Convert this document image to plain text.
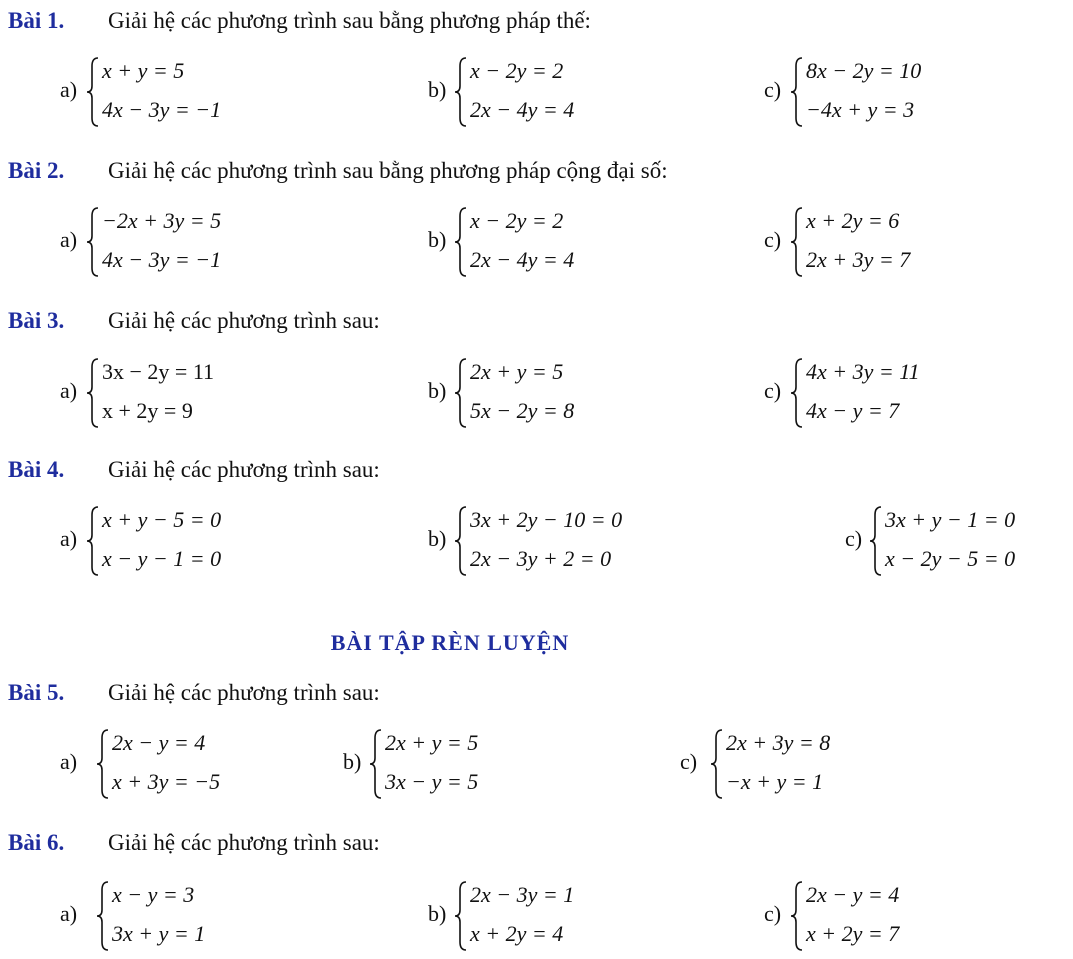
Bài 1. Giải hệ các phương trình sau bằng phương pháp thế:
a)
x + y = 5
4x − 3y = −1
b)
x − 2y = 2
2x − 4y = 4
c)
8x − 2y = 10
−4x + y = 3
Bài 2. Giải hệ các phương trình sau bằng phương pháp cộng đại số:
a)
−2x + 3y = 5
4x − 3y = −1
b)
x − 2y = 2
2x − 4y = 4
c)
x + 2y = 6
2x + 3y = 7
Bài 3. Giải hệ các phương trình sau:
a)
3x − 2y = 11
x + 2y = 9
b)
2x + y = 5
5x − 2y = 8
c)
4x + 3y = 11
4x − y = 7
Bài 4. Giải hệ các phương trình sau:
a)
x + y − 5 = 0
x − y − 1 = 0
b)
3x + 2y − 10 = 0
2x − 3y + 2 = 0
c)
3x + y − 1 = 0
x − 2y − 5 = 0
BÀI TẬP RÈN LUYỆN
Bài 5. Giải hệ các phương trình sau:
a)
2x − y = 4
x + 3y = −5
b)
2x + y = 5
3x − y = 5
c)
2x + 3y = 8
−x + y = 1
Bài 6. Giải hệ các phương trình sau:
a)
x − y = 3
3x + y = 1
b)
2x − 3y = 1
x + 2y = 4
c)
2x − y = 4
x + 2y = 7
